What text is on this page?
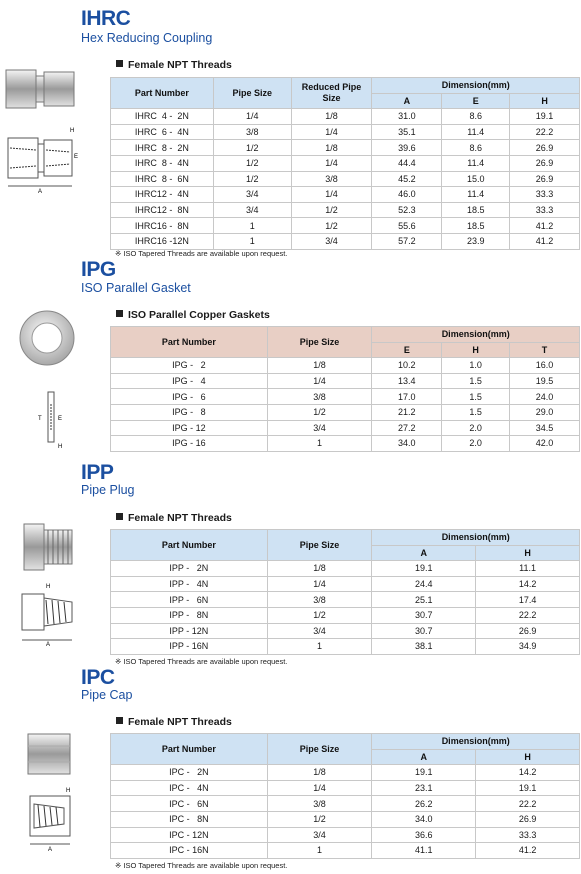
IHRC
Hex Reducing Coupling
A
E
H
Female NPT Threads
Part Number	Pipe Size	Reduced Pipe Size	Dimension(mm)		
			A	E	H
IHRC  4 -  2N	1/4	1/8	31.0	8.6	19.1
IHRC  6 -  4N	3/8	1/4	35.1	11.4	22.2
IHRC  8 -  2N	1/2	1/8	39.6	8.6	26.9
IHRC  8 -  4N	1/2	1/4	44.4	11.4	26.9
IHRC  8 -  6N	1/2	3/8	45.2	15.0	26.9
IHRC12 -  4N	3/4	1/4	46.0	11.4	33.3
IHRC12 -  8N	3/4	1/2	52.3	18.5	33.3
IHRC16 -  8N	1	1/2	55.6	18.5	41.2
IHRC16 -12N	1	3/4	57.2	23.9	41.2
※ ISO Tapered Threads are available upon request.
IPG
ISO Parallel Gasket
E
T
H
ISO Parallel Copper Gaskets
Part Number	Pipe Size	Dimension(mm)		
		E	H	T
IPG -   2	1/8	10.2	1.0	16.0
IPG -   4	1/4	13.4	1.5	19.5
IPG -   6	3/8	17.0	1.5	24.0
IPG -   8	1/2	21.2	1.5	29.0
IPG - 12	3/4	27.2	2.0	34.5
IPG - 16	1	34.0	2.0	42.0
IPP
Pipe Plug
A
H
Female NPT Threads
Part Number	Pipe Size	Dimension(mm)	
		A	H
IPP -   2N	1/8	19.1	11.1
IPP -   4N	1/4	24.4	14.2
IPP -   6N	3/8	25.1	17.4
IPP -   8N	1/2	30.7	22.2
IPP - 12N	3/4	30.7	26.9
IPP - 16N	1	38.1	34.9
※ ISO Tapered Threads are available upon request.
IPC
Pipe Cap
A
H
Female NPT Threads
Part Number	Pipe Size	Dimension(mm)	
		A	H
IPC -   2N	1/8	19.1	14.2
IPC -   4N	1/4	23.1	19.1
IPC -   6N	3/8	26.2	22.2
IPC -   8N	1/2	34.0	26.9
IPC - 12N	3/4	36.6	33.3
IPC - 16N	1	41.1	41.2
※ ISO Tapered Threads are available upon request.
